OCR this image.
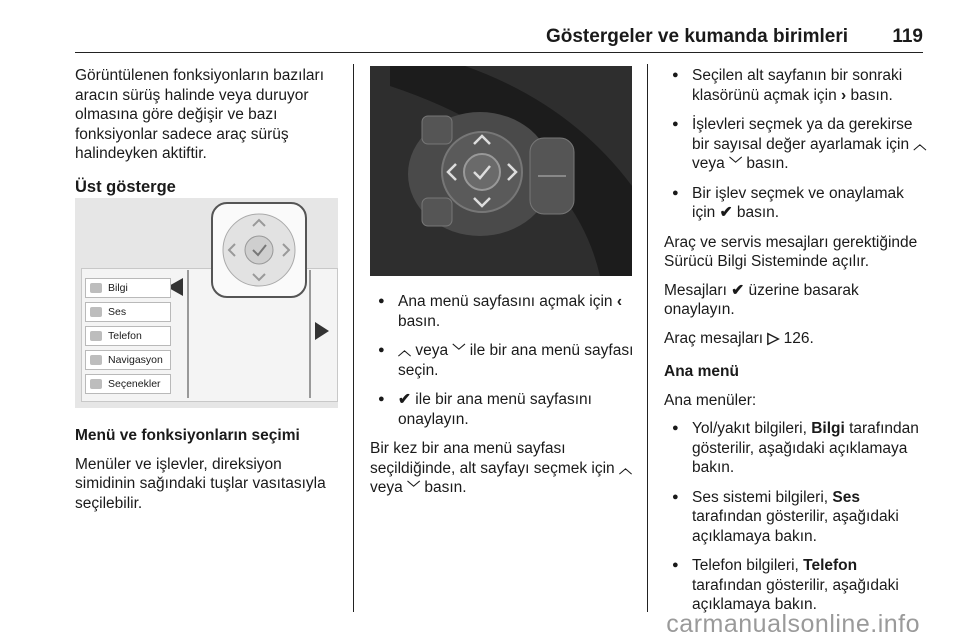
Göstergeler ve kumanda birimleri 119

Görüntülenen fonksiyonların bazıları aracın sürüş halinde veya duruyor olmasına göre değişir ve bazı fonksiyonlar sadece araç sürüş halindeyken aktiftir.

Üst gösterge
Bilgi
Ses
Telefon
Navigasyon
Seçenekler

Menü ve fonksiyonların seçimi

Menüler ve işlevler, direksiyon simidinin sağındaki tuşlar vasıtasıyla seçilebilir.

● Ana menü sayfasını açmak için ‹ basın.
● ︿ veya ﹀ ile bir ana menü sayfası seçin.
● ✔ ile bir ana menü sayfasını onaylayın.

Bir kez bir ana menü sayfası seçildiğinde, alt sayfayı seçmek için ︿ veya ﹀ basın.

● Seçilen alt sayfanın bir sonraki klasörünü açmak için › basın.
● İşlevleri seçmek ya da gerekirse bir sayısal değer ayarlamak için ︿ veya ﹀ basın.
● Bir işlev seçmek ve onaylamak için ✔ basın.

Araç ve servis mesajları gerektiğinde Sürücü Bilgi Sisteminde açılır.

Mesajları ✔ üzerine basarak onaylayın.

Araç mesajları ▷ 126.

Ana menü

Ana menüler:

● Yol/yakıt bilgileri, Bilgi tarafından gösterilir, aşağıdaki açıklamaya bakın.
● Ses sistemi bilgileri, Ses tarafından gösterilir, aşağıdaki açıklamaya bakın.
● Telefon bilgileri, Telefon tarafından gösterilir, aşağıdaki açıklamaya bakın.
carmanualsonline.info
